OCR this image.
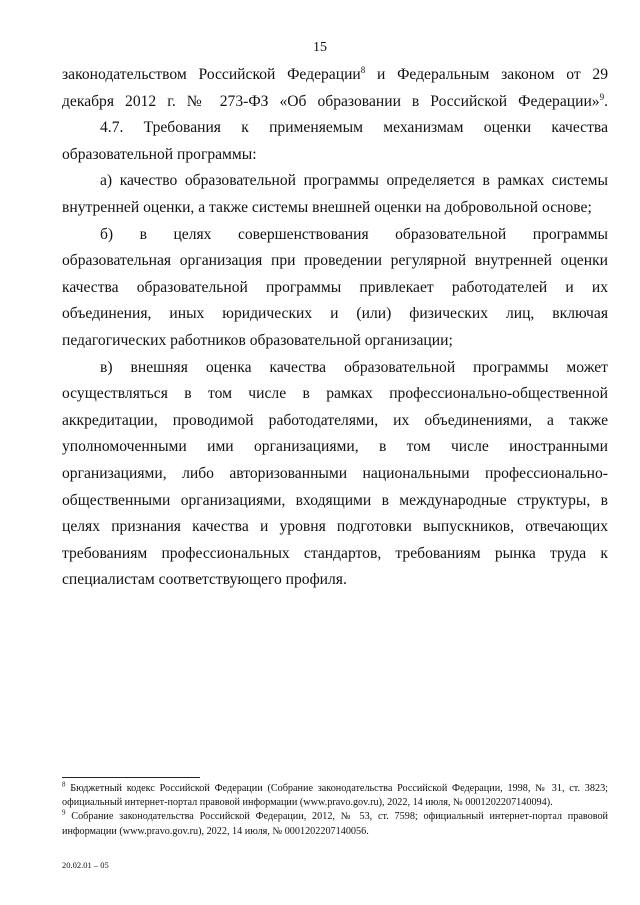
15

законодательством Российской Федерации$^8$ и Федеральным законом от 29 декабря 2012 г. № 273-ФЗ «Об образовании в Российской Федерации»$^9$.

4.7. Требования к применяемым механизмам оценки качества образовательной программы:

а) качество образовательной программы определяется в рамках системы внутренней оценки, а также системы внешней оценки на добровольной основе;

б) в целях совершенствования образовательной программы образовательная организация при проведении регулярной внутренней оценки качества образовательной программы привлекает работодателей и их объединения, иных юридических и (или) физических лиц, включая педагогических работников образовательной организации;

в) внешняя оценка качества образовательной программы может осуществляться в том числе в рамках профессионально-общественной аккредитации, проводимой работодателями, их объединениями, а также уполномоченными ими организациями, в том числе иностранными организациями, либо авторизованными национальными профессионально-общественными организациями, входящими в международные структуры, в целях признания качества и уровня подготовки выпускников, отвечающих требованиям профессиональных стандартов, требованиям рынка труда к специалистам соответствующего профиля.

$^8$ Бюджетный кодекс Российской Федерации (Собрание законодательства Российской Федерации, 1998, № 31, ст. 3823; официальный интернет-портал правовой информации (www.pravo.gov.ru), 2022, 14 июля, № 0001202207140094).

$^9$ Собрание законодательства Российской Федерации, 2012, № 53, ст. 7598; официальный интернет-портал правовой информации (www.pravo.gov.ru), 2022, 14 июля, № 0001202207140056.

20.02.01 – 05
